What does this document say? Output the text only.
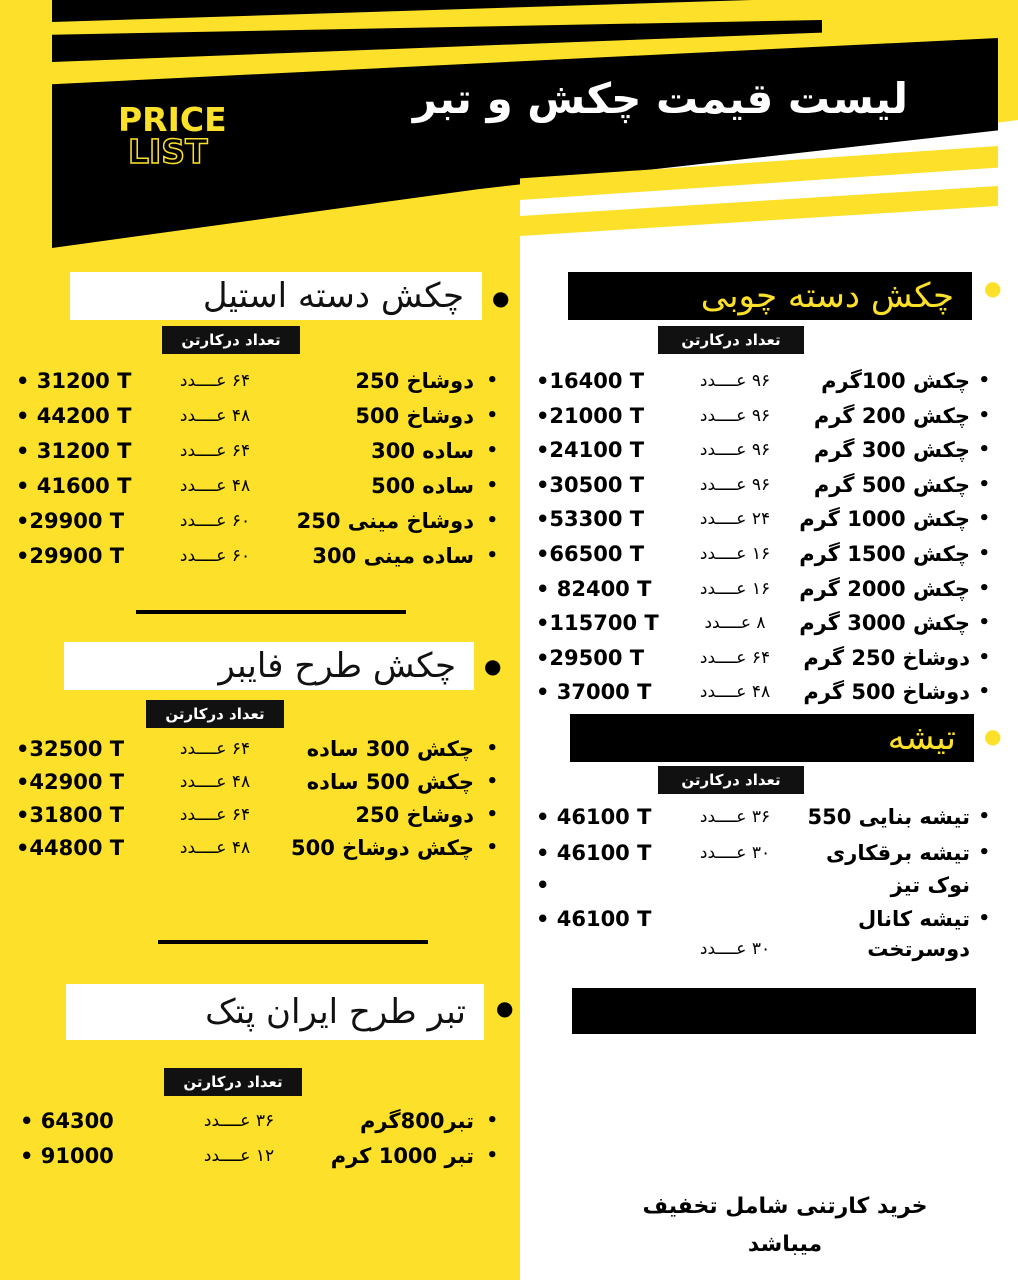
لیست قیمت چکش و تبر
PRICE
LIST
●
چکش دسته چوبی
تعداد درکارتن
•
چکش 100گرم
۹۶ عــــدد
•16400 T
•
چکش 200 گرم
۹۶ عــــدد
•21000 T
•
چکش 300 گرم
۹۶ عــــدد
•24100 T
•
چکش 500 گرم
۹۶ عــــدد
•30500 T
•
چکش 1000 گرم
۲۴ عــــدد
•53300 T
•
چکش 1500 گرم
۱۶ عــــدد
•66500 T
•
چکش 2000 گرم
۱۶ عــــدد
• 82400 T
•
چکش 3000 گرم
۸ عــــدد
•115700 T
•
دوشاخ 250 گرم
۶۴ عــــدد
•29500 T
•
دوشاخ 500 گرم
۴۸ عــــدد
• 37000 T
●
تیشه
تعداد درکارتن
•
تیشه بنایی 550
۳۶ عــــدد
• 46100 T
•
تیشه برقکاری
۳۰ عــــدد
• 46100 T
نوک تیز
•
•
تیشه کانال
• 46100 T
دوسرتخت
۳۰ عــــدد
خرید کارتنی شامل تخفیف
میباشد
●
چکش دسته استیل
تعداد درکارتن
•
دوشاخ 250
۶۴ عــــدد
• 31200 T
•
دوشاخ 500
۴۸ عــــدد
• 44200 T
•
ساده 300
۶۴ عــــدد
• 31200 T
•
ساده 500
۴۸ عــــدد
• 41600 T
•
دوشاخ مینی 250
۶۰ عــــدد
•29900 T
•
ساده مینی 300
۶۰ عــــدد
•29900 T
●
چکش طرح فایبر
تعداد درکارتن
•
چکش 300 ساده
۶۴ عــــدد
•32500 T
•
چکش 500 ساده
۴۸ عــــدد
•42900 T
•
دوشاخ 250
۶۴ عــــدد
•31800 T
•
چکش دوشاخ 500
۴۸ عــــدد
•44800 T
●
تبر طرح ایران پتک
تعداد درکارتن
•
تبر800گرم
۳۶ عــــدد
• 64300
•
تبر 1000 کرم
۱۲ عــــدد
• 91000
